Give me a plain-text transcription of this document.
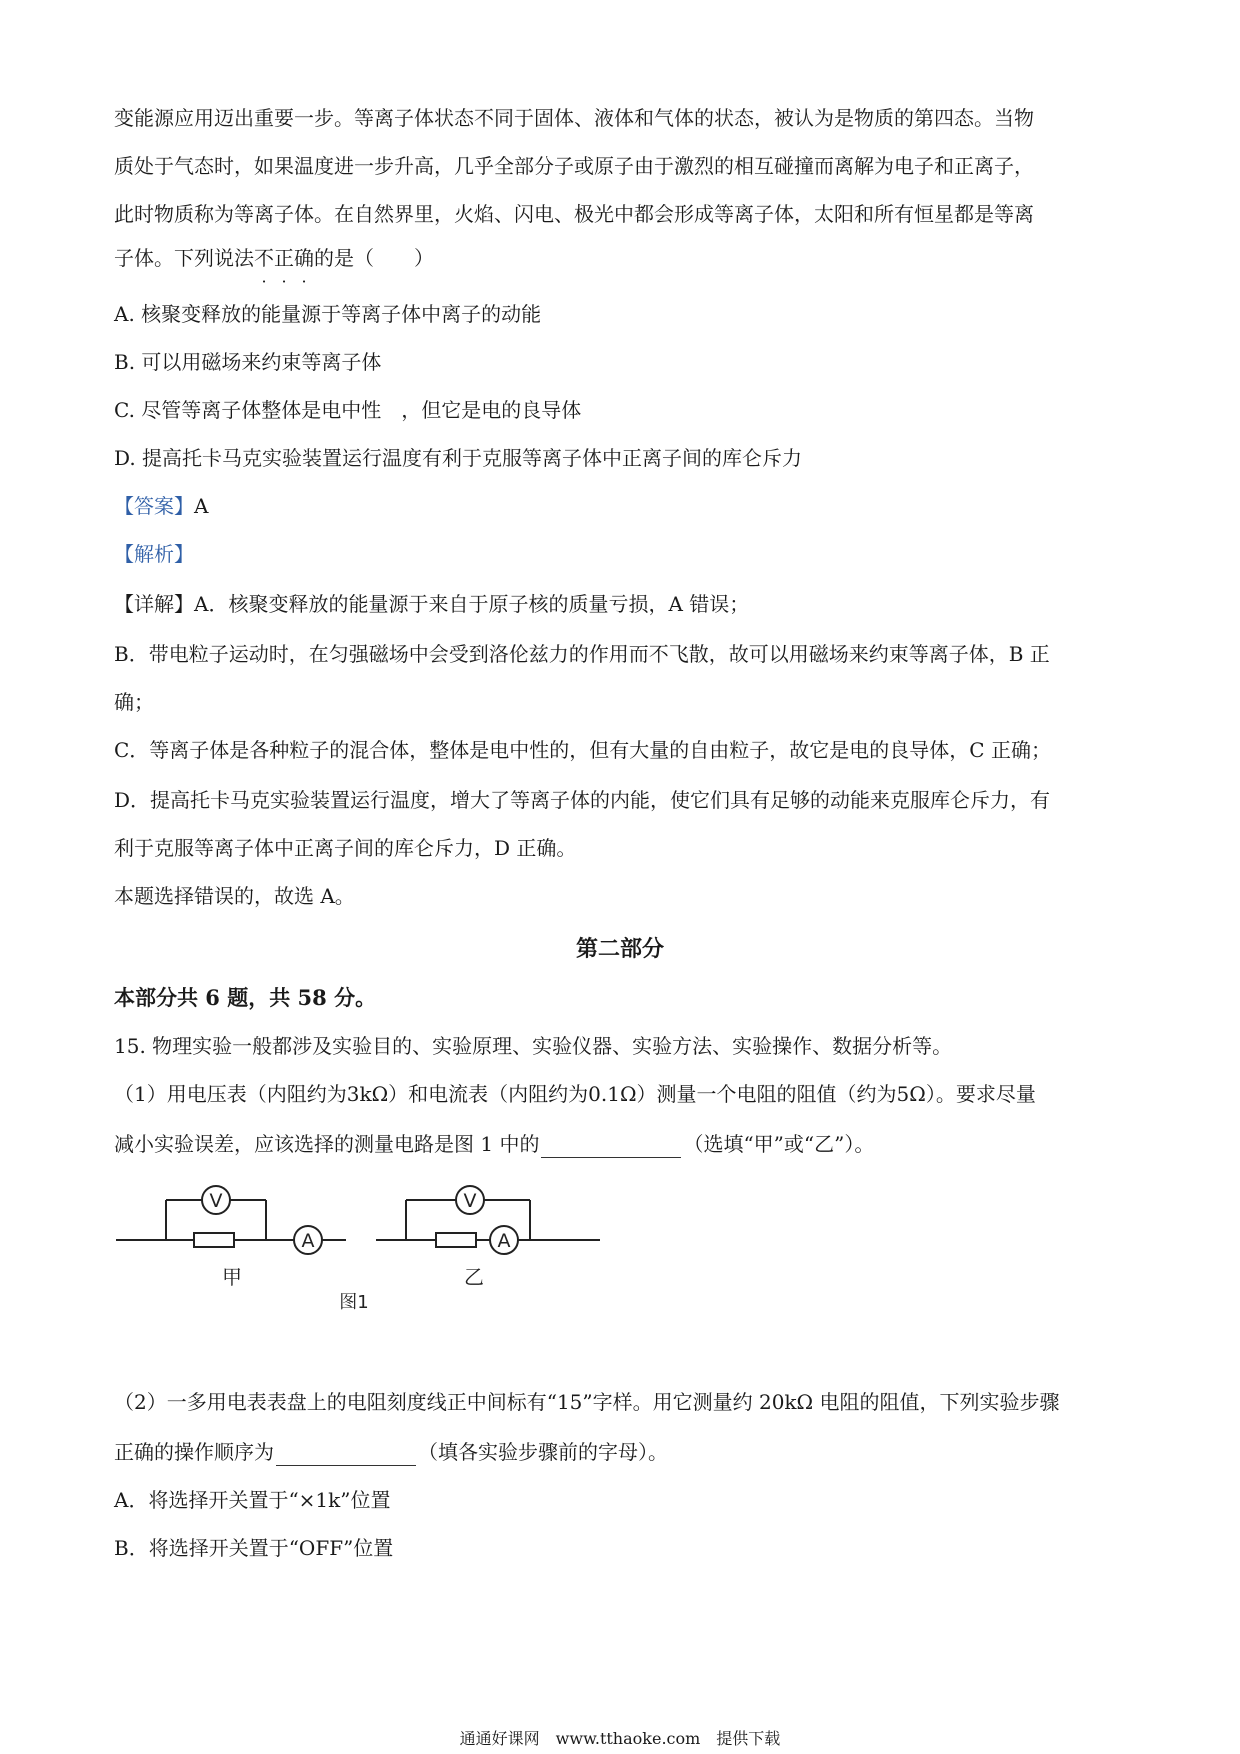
变能源应用迈出重要一步。等离子体状态不同于固体、液体和气体的状态，被认为是物质的第四态。当物
质处于气态时，如果温度进一步升高，几乎全部分子或原子由于激烈的相互碰撞而离解为电子和正离子，
此时物质称为等离子体。在自然界里，火焰、闪电、极光中都会形成等离子体，太阳和所有恒星都是等离
子体。下列说法不正确的是（　　）
A. 核聚变释放的能量源于等离子体中离子的动能
B. 可以用磁场来约束等离子体
C. 尽管等离子体整体是电中性　，但它是电的良导体
D. 提高托卡马克实验装置运行温度有利于克服等离子体中正离子间的库仑斥力
【答案】A
【解析】
【详解】A．核聚变释放的能量源于来自于原子核的质量亏损，A 错误；
B．带电粒子运动时，在匀强磁场中会受到洛伦兹力的作用而不飞散，故可以用磁场来约束等离子体，B 正
确；
C．等离子体是各种粒子的混合体，整体是电中性的，但有大量的自由粒子，故它是电的良导体，C 正确；
D．提高托卡马克实验装置运行温度，增大了等离子体的内能，使它们具有足够的动能来克服库仑斥力，有
利于克服等离子体中正离子间的库仑斥力，D 正确。
本题选择错误的，故选 A。
第二部分
本部分共 6 题，共 58 分。
15. 物理实验一般都涉及实验目的、实验原理、实验仪器、实验方法、实验操作、数据分析等。
（1）用电压表（内阻约为3kΩ）和电流表（内阻约为0.1Ω）测量一个电阻的阻值（约为5Ω）。要求尽量
减小实验误差，应该选择的测量电路是图 1 中的	（选填“甲”或“乙”）。
V
A
V
A
甲	乙
图1
（2）一多用电表表盘上的电阻刻度线正中间标有“15”字样。用它测量约 20kΩ 电阻的阻值，下列实验步骤
正确的操作顺序为	（填各实验步骤前的字母）。
A．将选择开关置于“×1k”位置
B．将选择开关置于“OFF”位置
通通好课网　www.tthaoke.com　提供下载
